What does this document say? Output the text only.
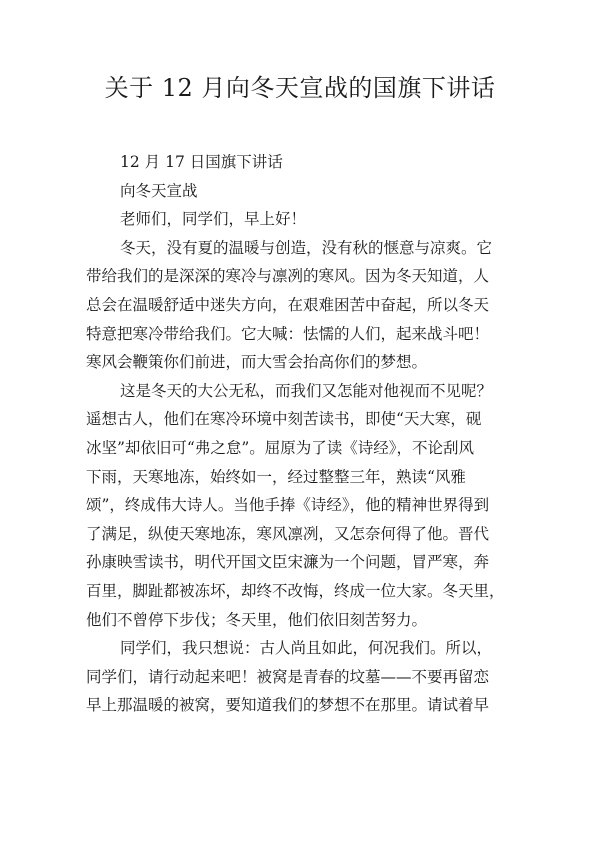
关于 12 月向冬天宣战的国旗下讲话

12 月 17 日国旗下讲话

向冬天宣战

老师们，同学们，早上好！

冬天，没有夏的温暖与创造，没有秋的惬意与凉爽。它

带给我们的是深深的寒冷与凛冽的寒风。因为冬天知道，人

总会在温暖舒适中迷失方向，在艰难困苦中奋起，所以冬天

特意把寒冷带给我们。它大喊：怯懦的人们，起来战斗吧！

寒风会鞭策你们前进，而大雪会抬高你们的梦想。

这是冬天的大公无私，而我们又怎能对他视而不见呢？

遥想古人，他们在寒冷环境中刻苦读书，即使“天大寒，砚

冰坚”却依旧可“弗之怠”。屈原为了读《诗经》，不论刮风

下雨，天寒地冻，始终如一，经过整整三年，熟读“风雅

颂”，终成伟大诗人。当他手捧《诗经》，他的精神世界得到

了满足，纵使天寒地冻，寒风凛冽，又怎奈何得了他。晋代

孙康映雪读书，明代开国文臣宋濂为一个问题，冒严寒，奔

百里，脚趾都被冻坏，却终不改悔，终成一位大家。冬天里，

他们不曾停下步伐；冬天里，他们依旧刻苦努力。

同学们，我只想说：古人尚且如此，何况我们。所以，

同学们，请行动起来吧！被窝是青春的坟墓——不要再留恋

早上那温暖的被窝，要知道我们的梦想不在那里。请试着早
